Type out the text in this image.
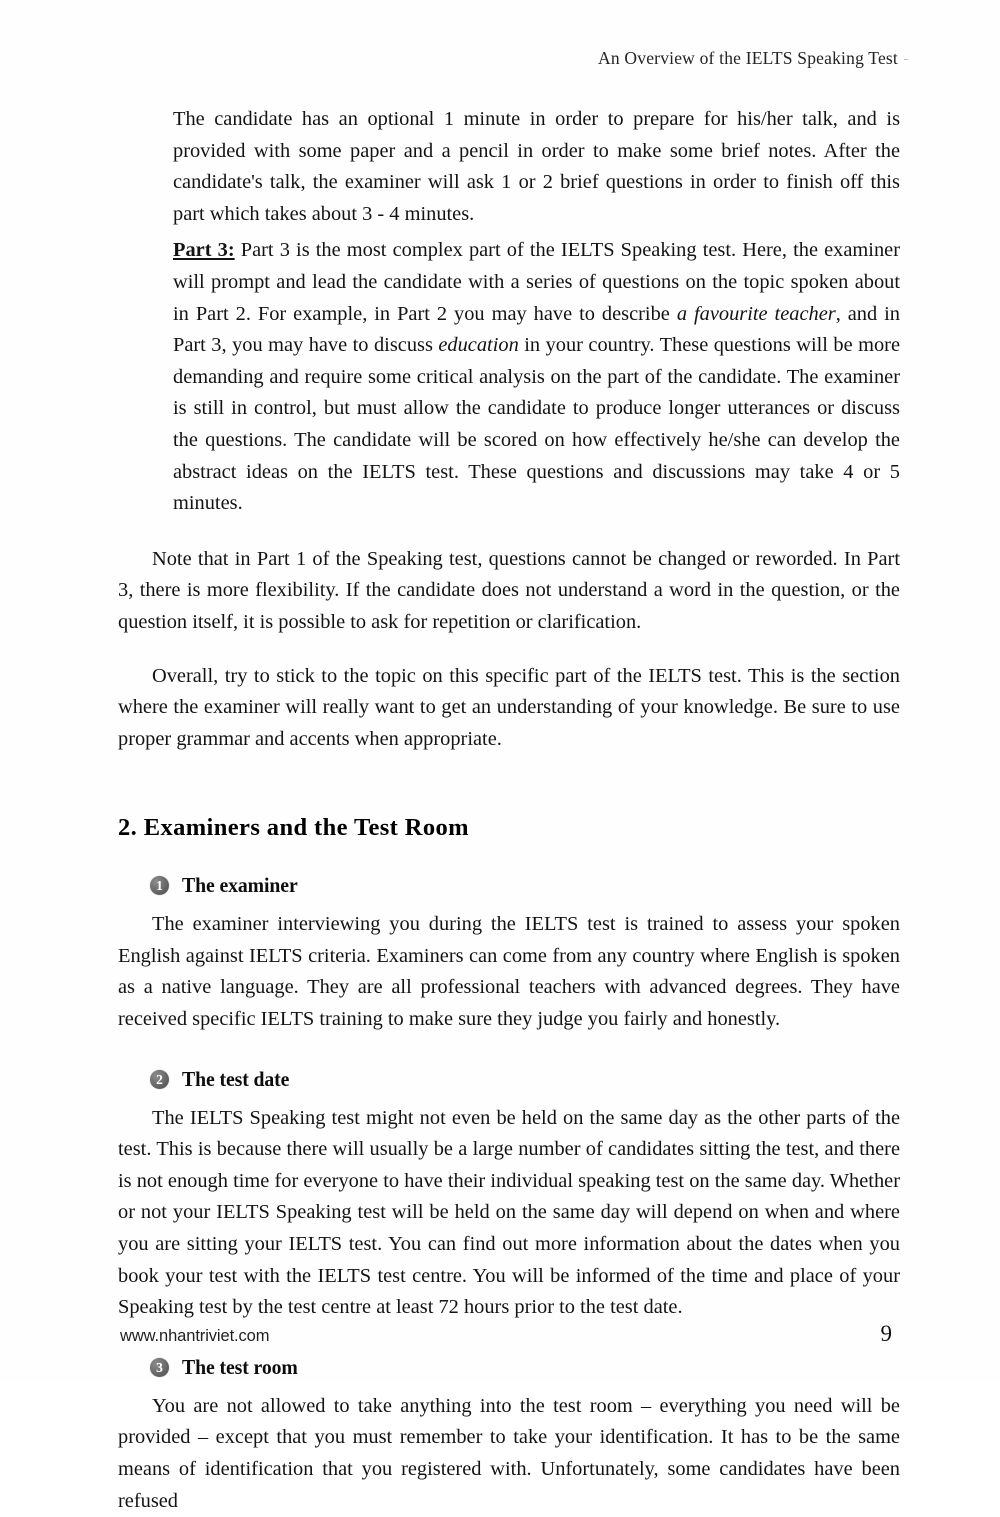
An Overview of the IELTS Speaking Test

The candidate has an optional 1 minute in order to prepare for his/her talk, and is provided with some paper and a pencil in order to make some brief notes. After the candidate's talk, the examiner will ask 1 or 2 brief questions in order to finish off this part which takes about 3 - 4 minutes.

Part 3: Part 3 is the most complex part of the IELTS Speaking test. Here, the examiner will prompt and lead the candidate with a series of questions on the topic spoken about in Part 2. For example, in Part 2 you may have to describe a favourite teacher, and in Part 3, you may have to discuss education in your country. These questions will be more demanding and require some critical analysis on the part of the candidate. The examiner is still in control, but must allow the candidate to produce longer utterances or discuss the questions. The candidate will be scored on how effectively he/she can develop the abstract ideas on the IELTS test. These questions and discussions may take 4 or 5 minutes.

Note that in Part 1 of the Speaking test, questions cannot be changed or reworded. In Part 3, there is more flexibility. If the candidate does not understand a word in the question, or the question itself, it is possible to ask for repetition or clarification.

Overall, try to stick to the topic on this specific part of the IELTS test. This is the section where the examiner will really want to get an understanding of your knowledge. Be sure to use proper grammar and accents when appropriate.

2. Examiners and the Test Room
1 The examiner

The examiner interviewing you during the IELTS test is trained to assess your spoken English against IELTS criteria. Examiners can come from any country where English is spoken as a native language. They are all professional teachers with advanced degrees. They have received specific IELTS training to make sure they judge you fairly and honestly.

2 The test date

The IELTS Speaking test might not even be held on the same day as the other parts of the test. This is because there will usually be a large number of candidates sitting the test, and there is not enough time for everyone to have their individual speaking test on the same day. Whether or not your IELTS Speaking test will be held on the same day will depend on when and where you are sitting your IELTS test. You can find out more information about the dates when you book your test with the IELTS test centre. You will be informed of the time and place of your Speaking test by the test centre at least 72 hours prior to the test date.

3 The test room

You are not allowed to take anything into the test room – everything you need will be provided – except that you must remember to take your identification. It has to be the same means of identification that you registered with. Unfortunately, some candidates have been refused

www.nhantriviet.com	9
